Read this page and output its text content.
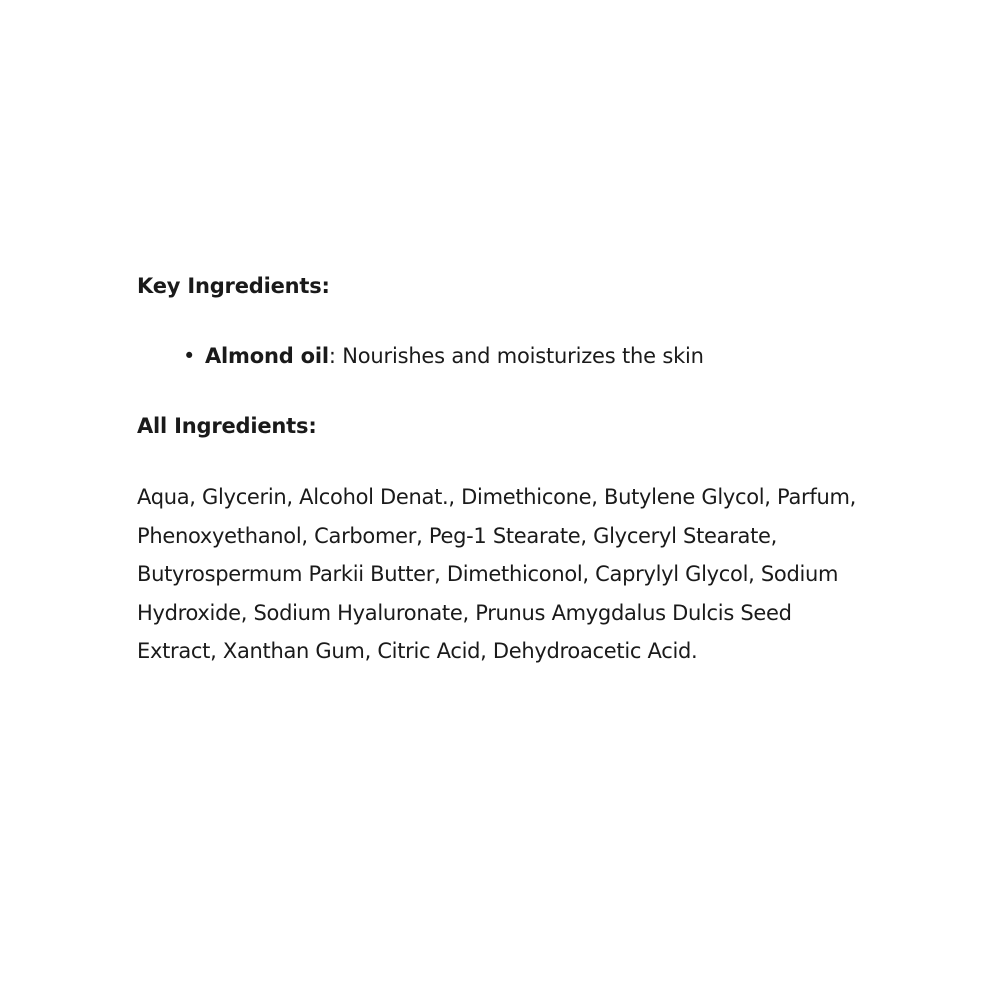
Key Ingredients:
• Almond oil: Nourishes and moisturizes the skin
All Ingredients:

Aqua, Glycerin, Alcohol Denat., Dimethicone, Butylene Glycol, Parfum, Phenoxyethanol, Carbomer, Peg-1 Stearate, Glyceryl Stearate, Butyrospermum Parkii Butter, Dimethiconol, Caprylyl Glycol, Sodium Hydroxide, Sodium Hyaluronate, Prunus Amygdalus Dulcis Seed Extract, Xanthan Gum, Citric Acid, Dehydroacetic Acid.
